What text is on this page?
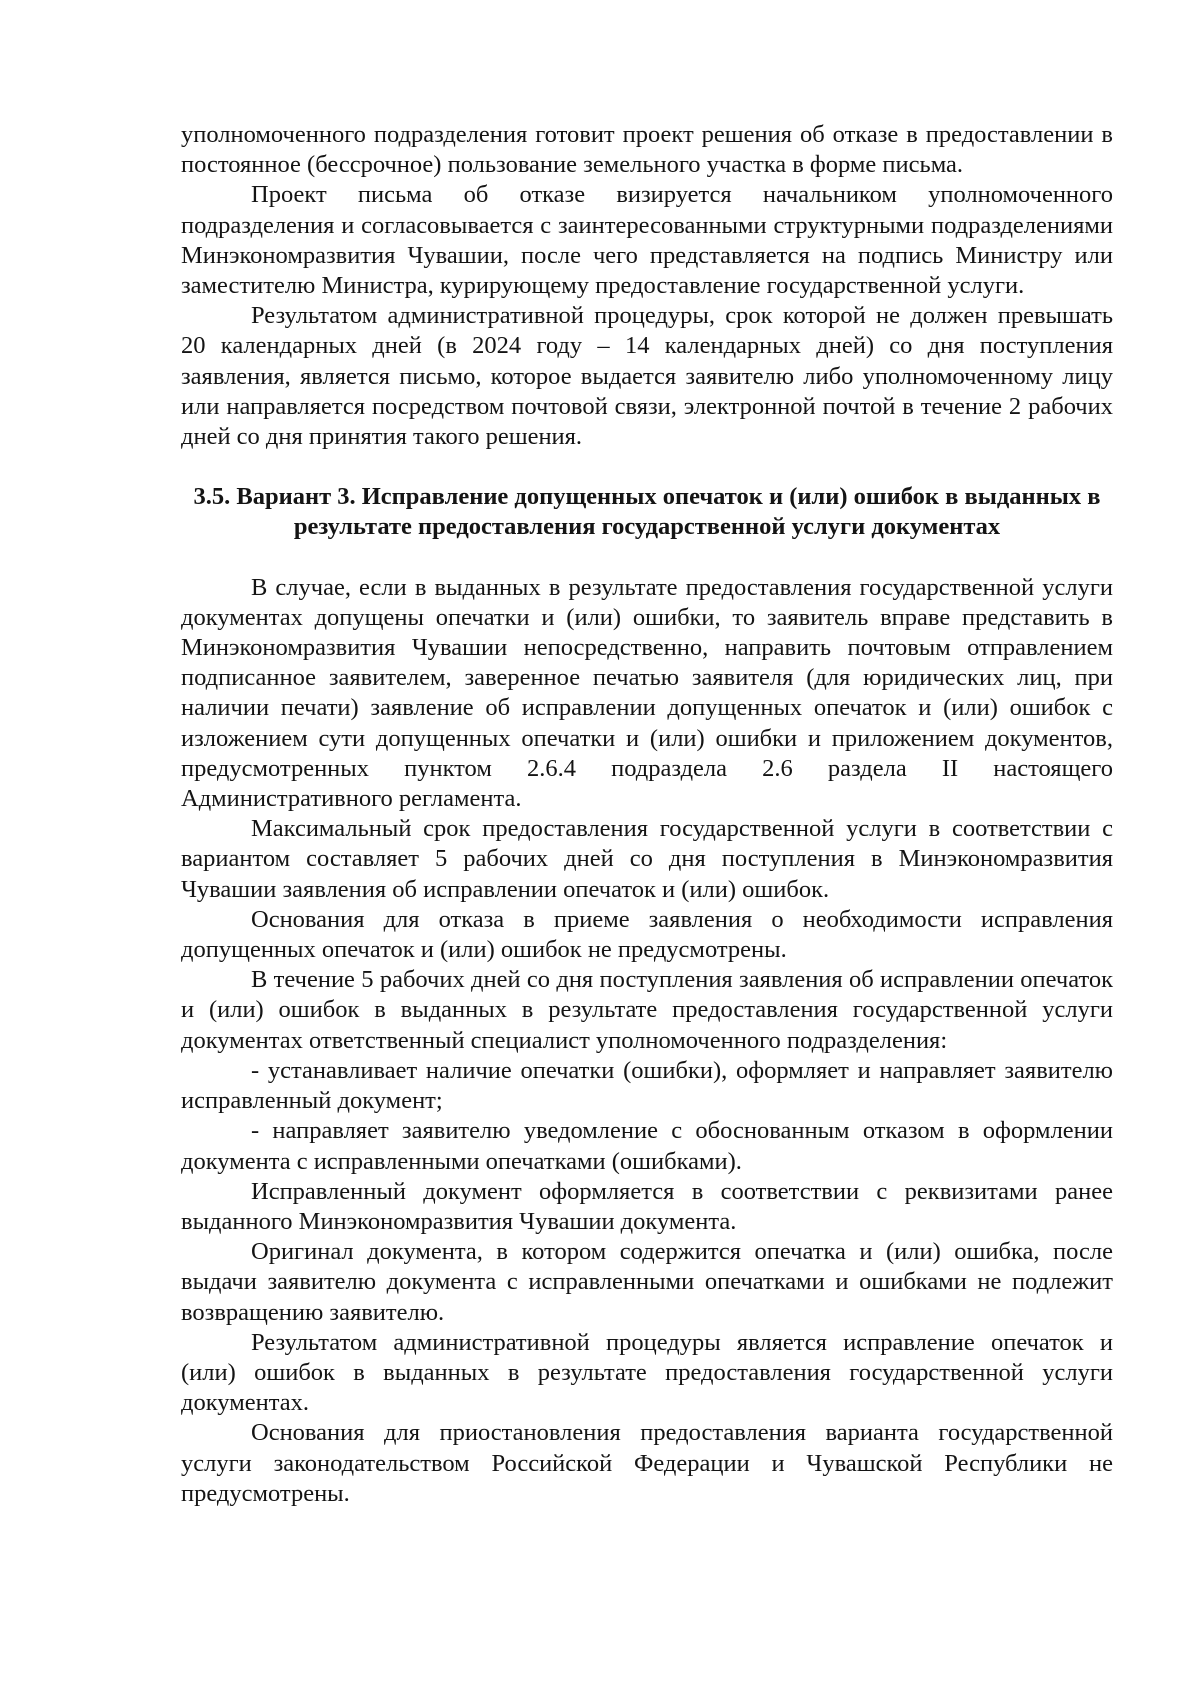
уполномоченного подразделения готовит проект решения об отказе в предоставлении в постоянное (бессрочное) пользование земельного участка в форме письма.

Проект письма об отказе визируется начальником уполномоченного подразделения и согласовывается с заинтересованными структурными подразделениями Минэкономразвития Чувашии, после чего представляется на подпись Министру или заместителю Министра, курирующему предоставление государственной услуги.

Результатом административной процедуры, срок которой не должен превышать 20 календарных дней (в 2024 году – 14 календарных дней) со дня поступления заявления, является письмо, которое выдается заявителю либо уполномоченному лицу или направляется посредством почтовой связи, электронной почтой в течение 2 рабочих дней со дня принятия такого решения.

3.5. Вариант 3. Исправление допущенных опечаток и (или) ошибок в выданных в результате предоставления государственной услуги документах

В случае, если в выданных в результате предоставления государственной услуги документах допущены опечатки и (или) ошибки, то заявитель вправе представить в Минэкономразвития Чувашии непосредственно, направить почтовым отправлением подписанное заявителем, заверенное печатью заявителя (для юридических лиц, при наличии печати) заявление об исправлении допущенных опечаток и (или) ошибок с изложением сути допущенных опечатки и (или) ошибки и приложением документов, предусмотренных пунктом 2.6.4 подраздела 2.6 раздела II настоящего Административного регламента.

Максимальный срок предоставления государственной услуги в соответствии с вариантом составляет 5 рабочих дней со дня поступления в Минэкономразвития Чувашии заявления об исправлении опечаток и (или) ошибок.

Основания для отказа в приеме заявления о необходимости исправления допущенных опечаток и (или) ошибок не предусмотрены.

В течение 5 рабочих дней со дня поступления заявления об исправлении опечаток и (или) ошибок в выданных в результате предоставления государственной услуги документах ответственный специалист уполномоченного подразделения:

- устанавливает наличие опечатки (ошибки), оформляет и направляет заявителю исправленный документ;

- направляет заявителю уведомление с обоснованным отказом в оформлении документа с исправленными опечатками (ошибками).

Исправленный документ оформляется в соответствии с реквизитами ранее выданного Минэкономразвития Чувашии документа.

Оригинал документа, в котором содержится опечатка и (или) ошибка, после выдачи заявителю документа с исправленными опечатками и ошибками не подлежит возвращению заявителю.

Результатом административной процедуры является исправление опечаток и (или) ошибок в выданных в результате предоставления государственной услуги документах.

Основания для приостановления предоставления варианта государственной услуги законодательством Российской Федерации и Чувашской Республики не предусмотрены.
